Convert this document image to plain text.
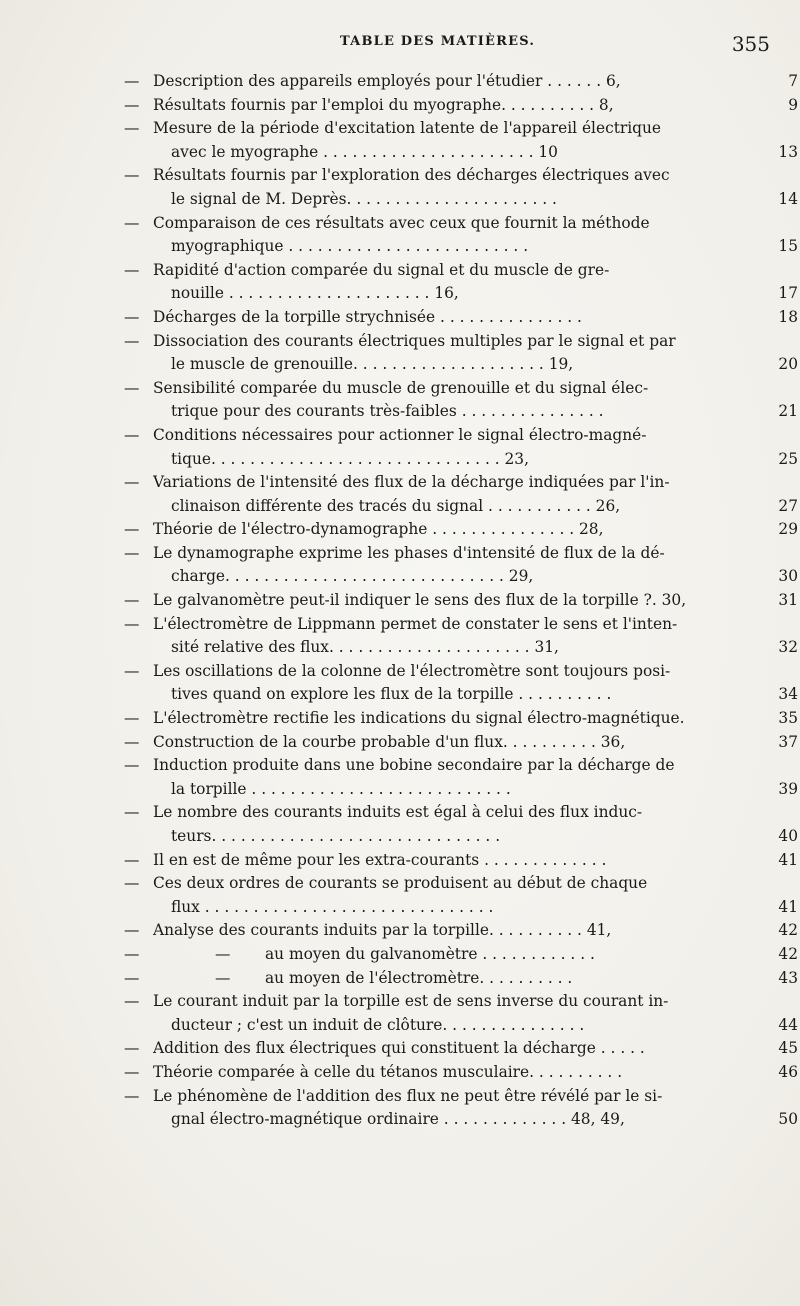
TABLE DES MATIÈRES.	355
— Description des appareils employés pour l'étudier . . . . . . 6,	7
— Résultats fournis par l'emploi du myographe. . . . . . . . . . 8,	9
— Mesure de la période d'excitation latente de l'appareil électrique
avec le myographe . . . . . . . . . . . . . . . . . . . . . . 10	13
— Résultats fournis par l'exploration des décharges électriques avec
le signal de M. Deprès. . . . . . . . . . . . . . . . . . . . . .	14
— Comparaison de ces résultats avec ceux que fournit la méthode
myographique . . . . . . . . . . . . . . . . . . . . . . . . .	15
— Rapidité d'action comparée du signal et du muscle de gre-
nouille . . . . . . . . . . . . . . . . . . . . . 16,	17
— Décharges de la torpille strychnisée . . . . . . . . . . . . . . .	18
— Dissociation des courants électriques multiples par le signal et par
le muscle de grenouille. . . . . . . . . . . . . . . . . . . . 19,	20
— Sensibilité comparée du muscle de grenouille et du signal élec-
trique pour des courants très-faibles . . . . . . . . . . . . . . .	21
— Conditions nécessaires pour actionner le signal électro-magné-
tique. . . . . . . . . . . . . . . . . . . . . . . . . . . . . . 23,	25
— Variations de l'intensité des flux de la décharge indiquées par l'in-
clinaison différente des tracés du signal . . . . . . . . . . . 26,	27
— Théorie de l'électro-dynamographe . . . . . . . . . . . . . . . 28,	29
— Le dynamographe exprime les phases d'intensité de flux de la dé-
charge. . . . . . . . . . . . . . . . . . . . . . . . . . . . . 29,	30
— Le galvanomètre peut-il indiquer le sens des flux de la torpille ?. 30,	31
— L'électromètre de Lippmann permet de constater le sens et l'inten-
sité relative des flux. . . . . . . . . . . . . . . . . . . . . 31,	32
— Les oscillations de la colonne de l'électromètre sont toujours posi-
tives quand on explore les flux de la torpille . . . . . . . . . .	34
— L'électromètre rectifie les indications du signal électro-magnétique.	35
— Construction de la courbe probable d'un flux. . . . . . . . . . 36,	37
— Induction produite dans une bobine secondaire par la décharge de
la torpille . . . . . . . . . . . . . . . . . . . . . . . . . . .	39
— Le nombre des courants induits est égal à celui des flux induc-
teurs. . . . . . . . . . . . . . . . . . . . . . . . . . . . . .	40
— Il en est de même pour les extra-courants . . . . . . . . . . . . .	41
— Ces deux ordres de courants se produisent au début de chaque
flux . . . . . . . . . . . . . . . . . . . . . . . . . . . . . .	41
— Analyse des courants induits par la torpille. . . . . . . . . . 41,	42
—	—	au moyen du galvanomètre . . . . . . . . . . . .	42
—	—	au moyen de l'électromètre. . . . . . . . . .	43
— Le courant induit par la torpille est de sens inverse du courant in-
ducteur ; c'est un induit de clôture. . . . . . . . . . . . . . .	44
— Addition des flux électriques qui constituent la décharge . . . . .	45
— Théorie comparée à celle du tétanos musculaire. . . . . . . . . .	46
— Le phénomène de l'addition des flux ne peut être révélé par le si-
gnal électro-magnétique ordinaire . . . . . . . . . . . . . 48, 49,	50
